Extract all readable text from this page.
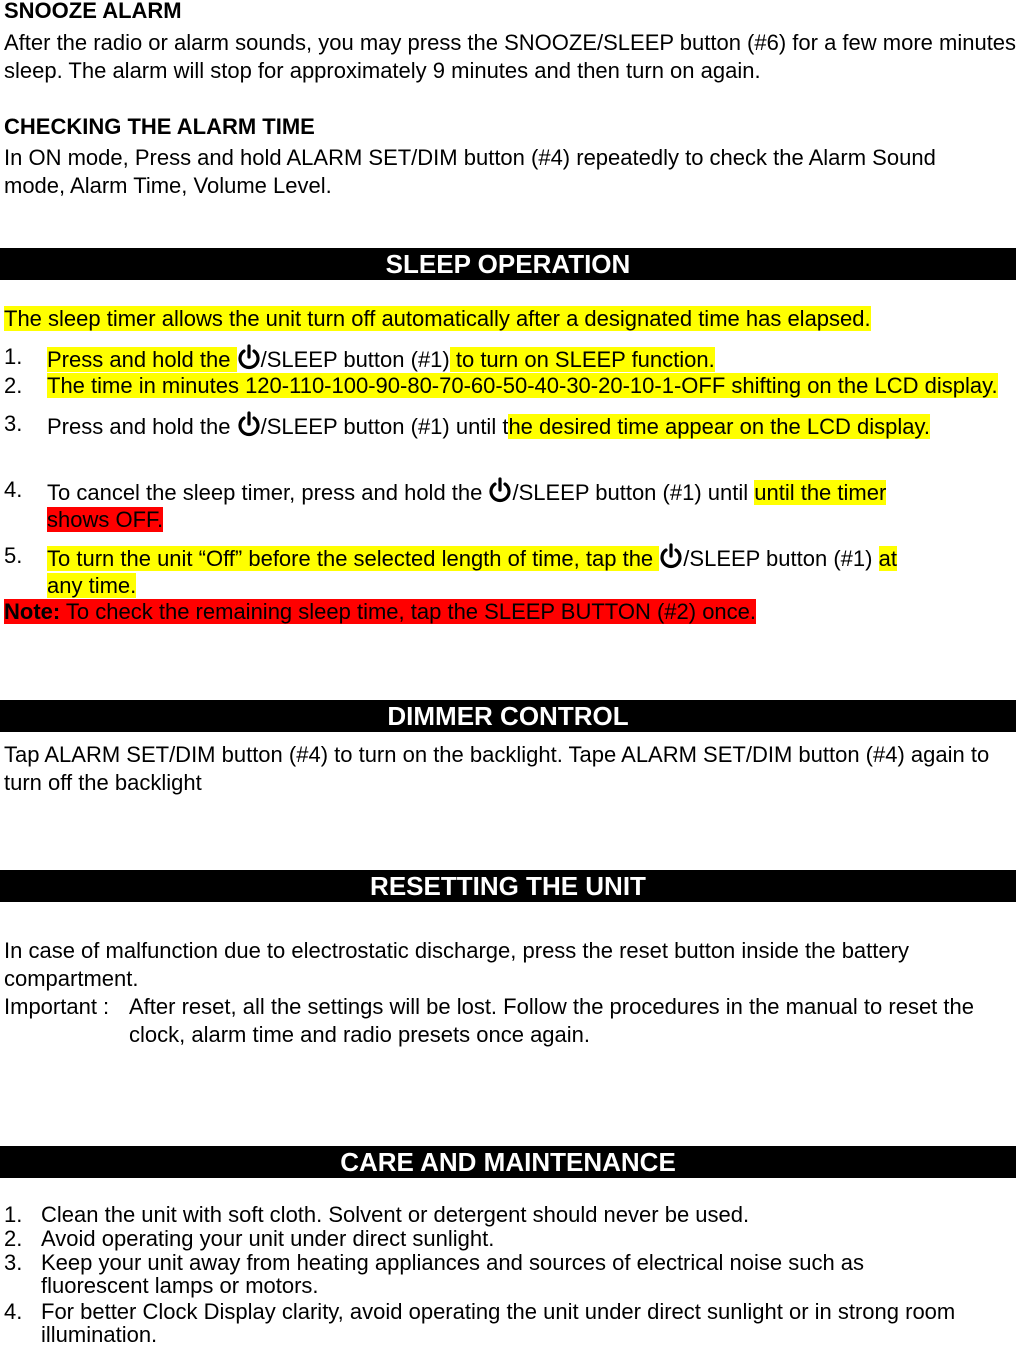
SNOOZE ALARM
After the radio or alarm sounds, you may press the SNOOZE/SLEEP button (#6) for a few more minutes sleep. The alarm will stop for approximately 9 minutes and then turn on again.
CHECKING THE ALARM TIME
In ON mode, Press and hold ALARM SET/DIM button (#4) repeatedly to check the Alarm Sound mode, Alarm Time, Volume Level.
SLEEP OPERATION
The sleep timer allows the unit turn off automatically after a designated time has elapsed.
1. Press and hold the
/SLEEP button (#1) to turn on SLEEP function.
2. The time in minutes 120-110-100-90-80-70-60-50-40-30-20-10-1-OFF shifting on the LCD display.
3. Press and hold the
/SLEEP button (#1) until the desired time appear on the LCD display.
4. To cancel the sleep timer, press and hold the
/SLEEP button (#1) until until the timer
shows OFF.
5. To turn the unit “Off” before the selected length of time, tap the
/SLEEP button (#1) at
any time.
Note: To check the remaining sleep time, tap the SLEEP BUTTON (#2) once.
DIMMER CONTROL
Tap ALARM SET/DIM button (#4) to turn on the backlight. Tape ALARM SET/DIM button (#4) again to turn off the backlight
RESETTING THE UNIT
In case of malfunction due to electrostatic discharge, press the reset button inside the battery compartment.
Important : After reset, all the settings will be lost. Follow the procedures in the manual to reset the clock, alarm time and radio presets once again.
CARE AND MAINTENANCE
1. Clean the unit with soft cloth. Solvent or detergent should never be used.
2. Avoid operating your unit under direct sunlight.
3. Keep your unit away from heating appliances and sources of electrical noise such as fluorescent lamps or motors.
4. For better Clock Display clarity, avoid operating the unit under direct sunlight or in strong room illumination.
